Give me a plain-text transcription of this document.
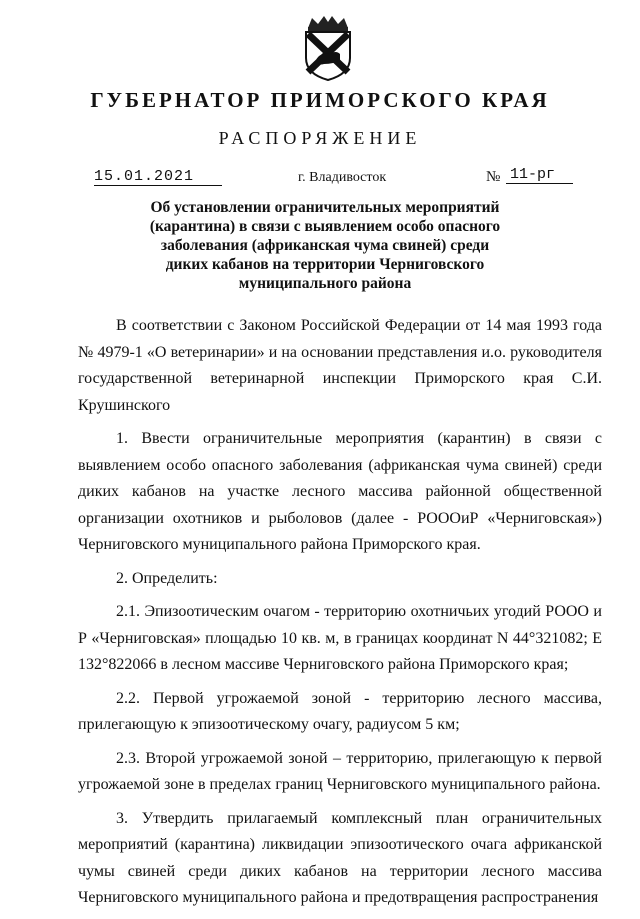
ГУБЕРНАТОР ПРИМОРСКОГО КРАЯ
РАСПОРЯЖЕНИЕ
15.01.2021	г. Владивосток	№ 11-рг
Об установлении ограничительных мероприятий (карантина) в связи с выявлением особо опасного заболевания (африканская чума свиней) среди диких кабанов на территории Черниговского муниципального района

В соответствии с Законом Российской Федерации от 14 мая 1993 года № 4979-1 «О ветеринарии» и на основании представления и.о. руководителя государственной ветеринарной инспекции Приморского края С.И. Крушинского

1. Ввести ограничительные мероприятия (карантин) в связи с выявлением особо опасного заболевания (африканская чума свиней) среди диких кабанов на участке лесного массива районной общественной организации охотников и рыболовов (далее - РОООиР «Черниговская») Черниговского муниципального района Приморского края.

2. Определить:

2.1. Эпизоотическим очагом - территорию охотничьих угодий РООО и Р «Черниговская» площадью 10 кв. м, в границах координат N 44°321082; E 132°822066 в лесном массиве Черниговского района Приморского края;

2.2. Первой угрожаемой зоной - территорию лесного массива, прилегающую к эпизоотическому очагу, радиусом 5 км;

2.3. Второй угрожаемой зоной – территорию, прилегающую к первой угрожаемой зоне в пределах границ Черниговского муниципального района.

3. Утвердить прилагаемый комплексный план ограничительных мероприятий (карантина) ликвидации эпизоотического очага африканской чумы свиней среди диких кабанов на территории лесного массива Черниговского муниципального района и предотвращения распространения
